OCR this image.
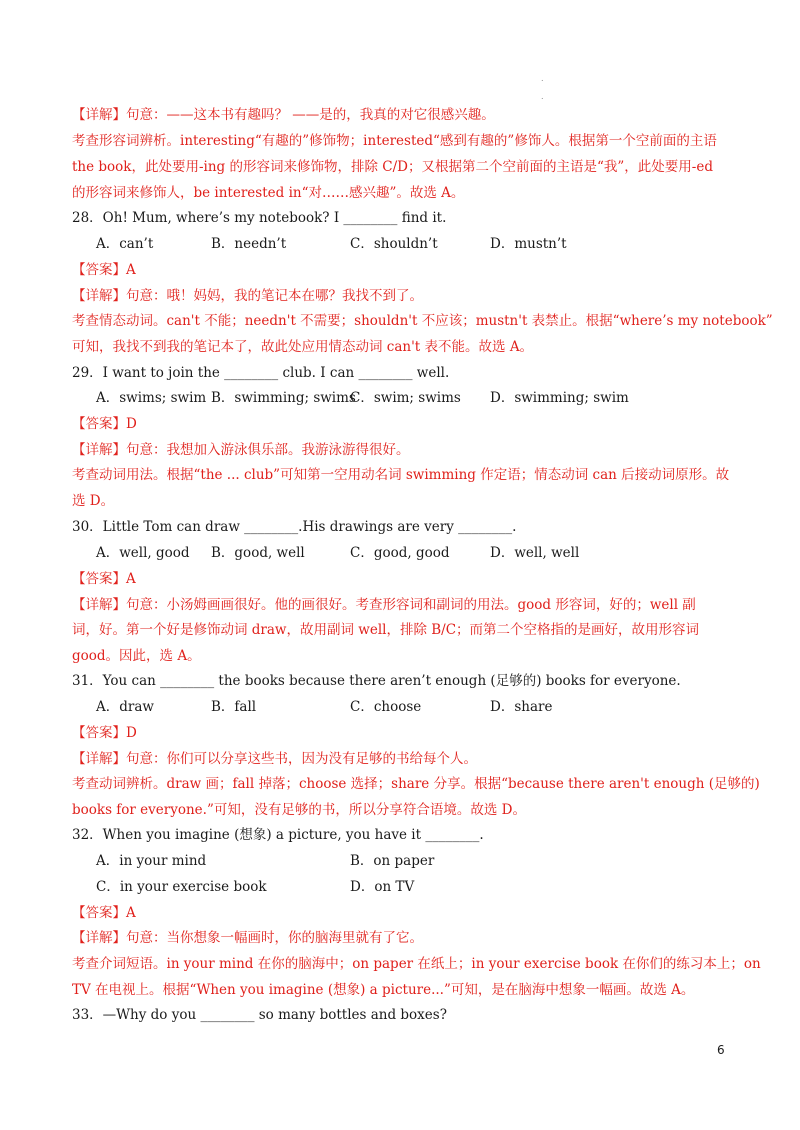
.
.
【详解】句意：——这本书有趣吗？ ——是的，我真的对它很感兴趣。
考查形容词辨析。interesting“有趣的”修饰物；interested“感到有趣的”修饰人。根据第一个空前面的主语
the book，此处要用-ing 的形容词来修饰物，排除 C/D；又根据第二个空前面的主语是“我”，此处要用-ed
的形容词来修饰人，be interested in“对……感兴趣”。故选 A。
28．Oh! Mum, where’s my notebook? I ________ find it.
A．can’t	B．needn’t	C．shouldn’t	D．mustn’t
【答案】A
【详解】句意：哦！妈妈，我的笔记本在哪？我找不到了。
考查情态动词。can't 不能；needn't 不需要；shouldn't 不应该；mustn't 表禁止。根据“where’s my notebook”
可知，我找不到我的笔记本了，故此处应用情态动词 can't 表不能。故选 A。
29．I want to join the ________ club. I can ________ well.
A．swims; swim B．swimming; swims
C．swim; swims D．swimming; swim
【答案】D
【详解】句意：我想加入游泳俱乐部。我游泳游得很好。
考查动词用法。根据“the ... club”可知第一空用动名词 swimming 作定语；情态动词 can 后接动词原形。故
选 D。
30．Little Tom can draw ________.His drawings are very ________.
A．well, good B．good, well	C．good, good	D．well, well
【答案】A
【详解】句意：小汤姆画画很好。他的画很好。考查形容词和副词的用法。good 形容词，好的；well 副
词，好。第一个好是修饰动词 draw，故用副词 well，排除 B/C；而第二个空格指的是画好，故用形容词
good。因此，选 A。
31．You can ________ the books because there aren’t enough (足够的) books for everyone.
A．draw	B．fall	C．choose	D．share
【答案】D
【详解】句意：你们可以分享这些书，因为没有足够的书给每个人。
考查动词辨析。draw 画；fall 掉落；choose 选择；share 分享。根据“because there aren't enough (足够的)
books for everyone.”可知，没有足够的书，所以分享符合语境。故选 D。
32．When you imagine (想象) a picture, you have it ________.
A．in your mind	B．on paper
C．in your exercise book	D．on TV
【答案】A
【详解】句意：当你想象一幅画时，你的脑海里就有了它。
考查介词短语。in your mind 在你的脑海中；on paper 在纸上；in your exercise book 在你们的练习本上；on
TV 在电视上。根据“When you imagine (想象) a picture...”可知，是在脑海中想象一幅画。故选 A。
33．—Why do you ________ so many bottles and boxes?
6
